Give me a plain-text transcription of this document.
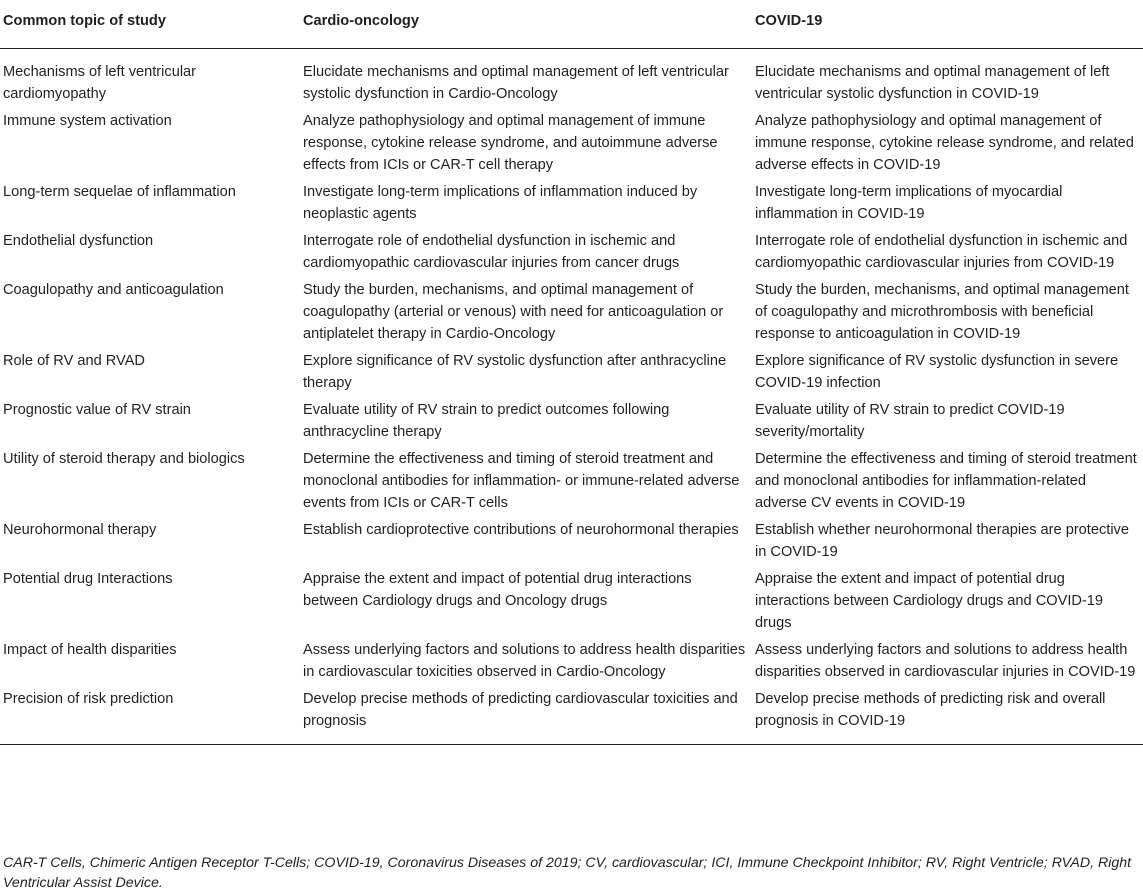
Common topic of study	Cardio-oncology	COVID-19
Mechanisms of left ventricular cardiomyopathy	Elucidate mechanisms and optimal management of left ventricular systolic dysfunction in Cardio-Oncology	Elucidate mechanisms and optimal management of left ventricular systolic dysfunction in COVID-19
Immune system activation	Analyze pathophysiology and optimal management of immune response, cytokine release syndrome, and autoimmune adverse effects from ICIs or CAR-T cell therapy	Analyze pathophysiology and optimal management of immune response, cytokine release syndrome, and related adverse effects in COVID-19
Long-term sequelae of inflammation	Investigate long-term implications of inflammation induced by neoplastic agents	Investigate long-term implications of myocardial inflammation in COVID-19
Endothelial dysfunction	Interrogate role of endothelial dysfunction in ischemic and cardiomyopathic cardiovascular injuries from cancer drugs	Interrogate role of endothelial dysfunction in ischemic and cardiomyopathic cardiovascular injuries from COVID-19
Coagulopathy and anticoagulation	Study the burden, mechanisms, and optimal management of coagulopathy (arterial or venous) with need for anticoagulation or antiplatelet therapy in Cardio-Oncology	Study the burden, mechanisms, and optimal management of coagulopathy and microthrombosis with beneficial response to anticoagulation in COVID-19
Role of RV and RVAD	Explore significance of RV systolic dysfunction after anthracycline therapy	Explore significance of RV systolic dysfunction in severe COVID-19 infection
Prognostic value of RV strain	Evaluate utility of RV strain to predict outcomes following anthracycline therapy	Evaluate utility of RV strain to predict COVID-19 severity/mortality
Utility of steroid therapy and biologics	Determine the effectiveness and timing of steroid treatment and monoclonal antibodies for inflammation- or immune-related adverse events from ICIs or CAR-T cells	Determine the effectiveness and timing of steroid treatment and monoclonal antibodies for inflammation-related adverse CV events in COVID-19
Neurohormonal therapy	Establish cardioprotective contributions of neurohormonal therapies	Establish whether neurohormonal therapies are protective in COVID-19
Potential drug Interactions	Appraise the extent and impact of potential drug interactions between Cardiology drugs and Oncology drugs	Appraise the extent and impact of potential drug interactions between Cardiology drugs and COVID-19 drugs
Impact of health disparities	Assess underlying factors and solutions to address health disparities in cardiovascular toxicities observed in Cardio-Oncology	Assess underlying factors and solutions to address health disparities observed in cardiovascular injuries in COVID-19
Precision of risk prediction	Develop precise methods of predicting cardiovascular toxicities and prognosis	Develop precise methods of predicting risk and overall prognosis in COVID-19
CAR-T Cells, Chimeric Antigen Receptor T-Cells; COVID-19, Coronavirus Diseases of 2019; CV, cardiovascular; ICI, Immune Checkpoint Inhibitor; RV, Right Ventricle; RVAD, Right Ventricular Assist Device.
